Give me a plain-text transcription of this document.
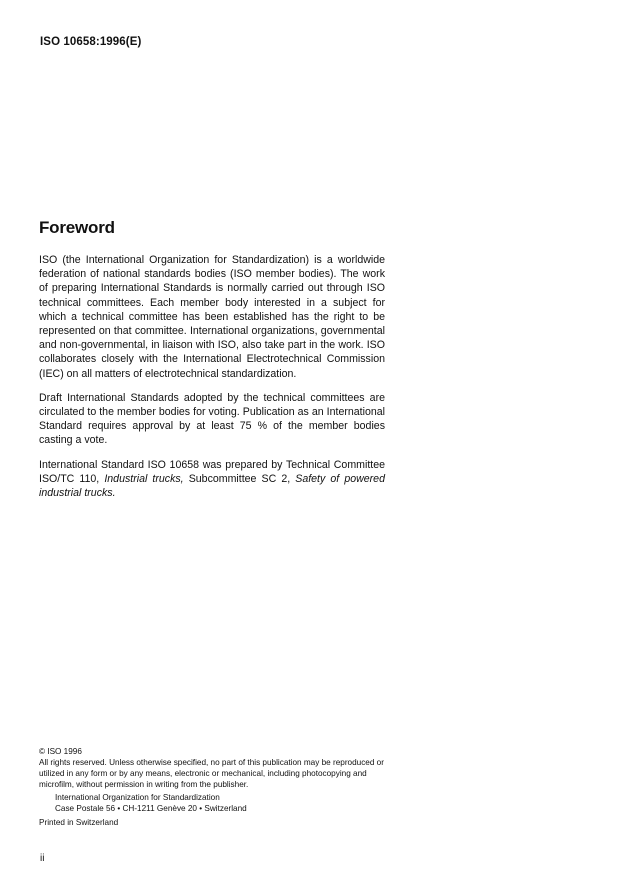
ISO 10658:1996(E)
Foreword

ISO (the International Organization for Standardization) is a worldwide federation of national standards bodies (ISO member bodies). The work of preparing International Standards is normally carried out through ISO technical committees. Each member body interested in a subject for which a technical committee has been established has the right to be represented on that committee. International organizations, governmental and non-governmental, in liaison with ISO, also take part in the work. ISO collaborates closely with the International Electrotechnical Commission (IEC) on all matters of electrotechnical standardization.

Draft International Standards adopted by the technical committees are circulated to the member bodies for voting. Publication as an International Standard requires approval by at least 75 % of the member bodies casting a vote.

International Standard ISO 10658 was prepared by Technical Committee ISO/TC 110, Industrial trucks, Subcommittee SC 2, Safety of powered industrial trucks.

© ISO 1996
All rights reserved. Unless otherwise specified, no part of this publication may be reproduced or utilized in any form or by any means, electronic or mechanical, including photocopying and microfilm, without permission in writing from the publisher.
International Organization for Standardization
Case Postale 56 • CH-1211 Genève 20 • Switzerland
Printed in Switzerland
ii
